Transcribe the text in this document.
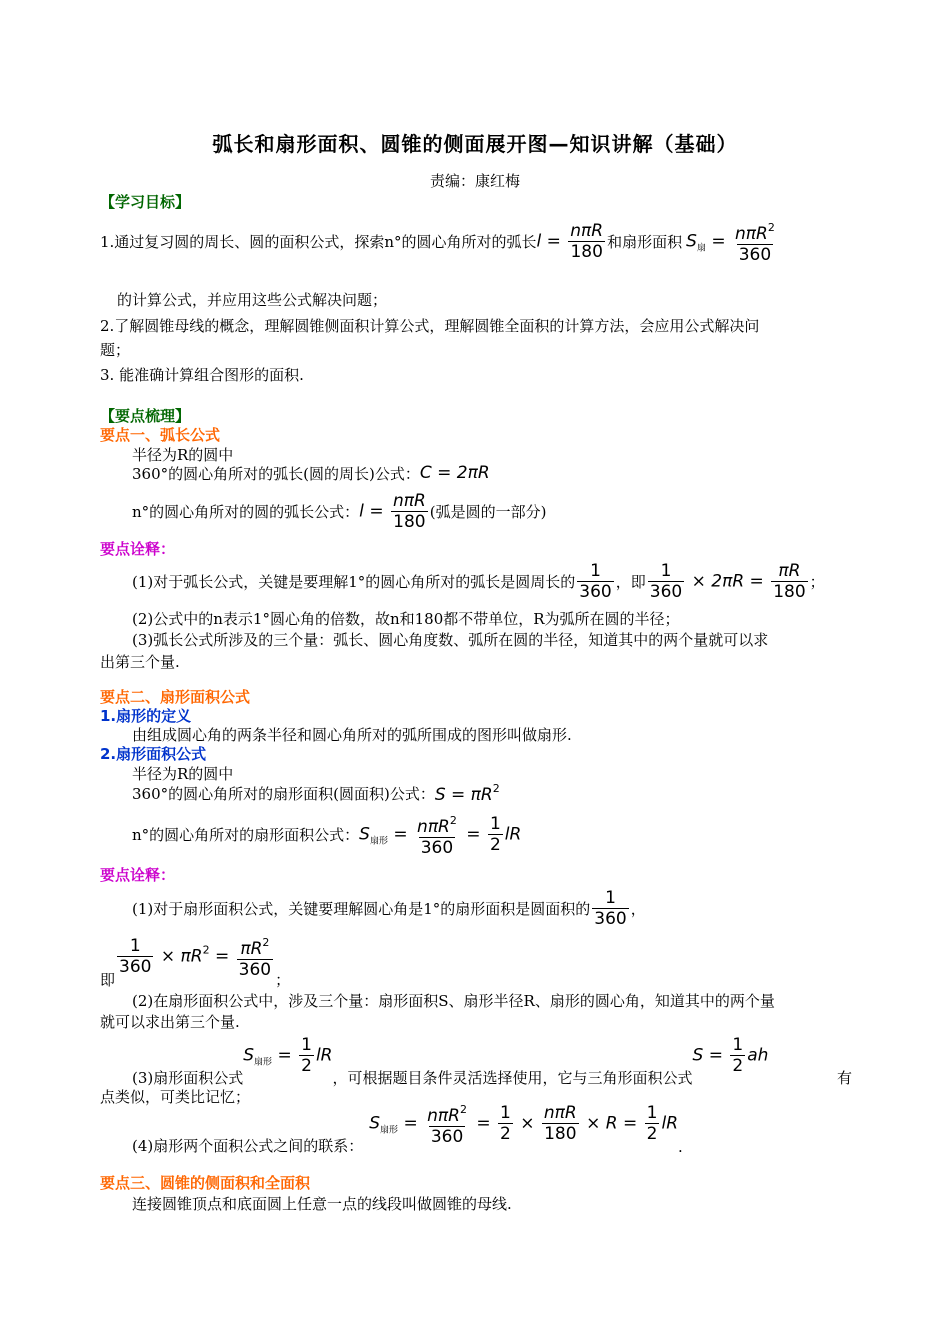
弧长和扇形面积、圆锥的侧面展开图—知识讲解（基础）
责编：康红梅
【学习目标】
1.通过复习圆的周长、圆的面积公式，探索n°的圆心角所对的弧长 $l = \frac{\text{nπR}}{180}$ 和扇形面积 $S_扇 = \frac{n\pi R^2}{360}$
的计算公式，并应用这些公式解决问题；
2.了解圆锥母线的概念，理解圆锥侧面积计算公式，理解圆锥全面积的计算方法，会应用公式解决问
题；
3. 能准确计算组合图形的面积.
【要点梳理】
要点一、弧长公式
半径为R的圆中
360°的圆心角所对的弧长(圆的周长)公式： C = 2πR
n°的圆心角所对的圆的弧长公式： $l = \frac{\text{nπR}}{180}$ (弧是圆的一部分)
要点诠释：
(1)对于弧长公式，关键是要理解1°的圆心角所对的弧长是圆周长的 $\frac{1}{360}$ ，即 $\frac{1}{360} \times 2\pi R = \frac{\pi R}{180}$ ；
(2)公式中的n表示1°圆心角的倍数，故n和180都不带单位，R为弧所在圆的半径；
(3)弧长公式所涉及的三个量：弧长、圆心角度数、弧所在圆的半径，知道其中的两个量就可以求
出第三个量.
要点二、扇形面积公式
1.扇形的定义
由组成圆心角的两条半径和圆心角所对的弧所围成的图形叫做扇形.
2.扇形面积公式
半径为R的圆中
360°的圆心角所对的扇形面积(圆面积)公式： $S = \pi R^2$
n°的圆心角所对的扇形面积公式： $S_{扇形} = \frac{n\pi R^2}{360} = \frac{1}{2}$ lR
要点诠释：
(1)对于扇形面积公式，关键要理解圆心角是1°的扇形面积是圆面积的 $\frac{1}{360}$ ，
即
$\frac{1}{360} \times \pi R^2 = \frac{\pi R^2}{360}$
；
(2)在扇形面积公式中，涉及三个量：扇形面积S、扇形半径R、扇形的圆心角，知道其中的两个量
就可以求出第三个量.
(3)扇形面积公式
$S_{扇形} = \frac{1}{2}$ lR
，可根据题目条件灵活选择使用，它与三角形面积公式
$S = \frac{1}{2}$ ah
有
点类似，可类比记忆；
(4)扇形两个面积公式之间的联系：
$S_{扇形} = \frac{n\pi R^2}{360} = \frac{1}{2} \times \frac{\text{nπR}}{180} \times R = \frac{1}{2}$ lR
.
要点三、圆锥的侧面积和全面积
连接圆锥顶点和底面圆上任意一点的线段叫做圆锥的母线.
